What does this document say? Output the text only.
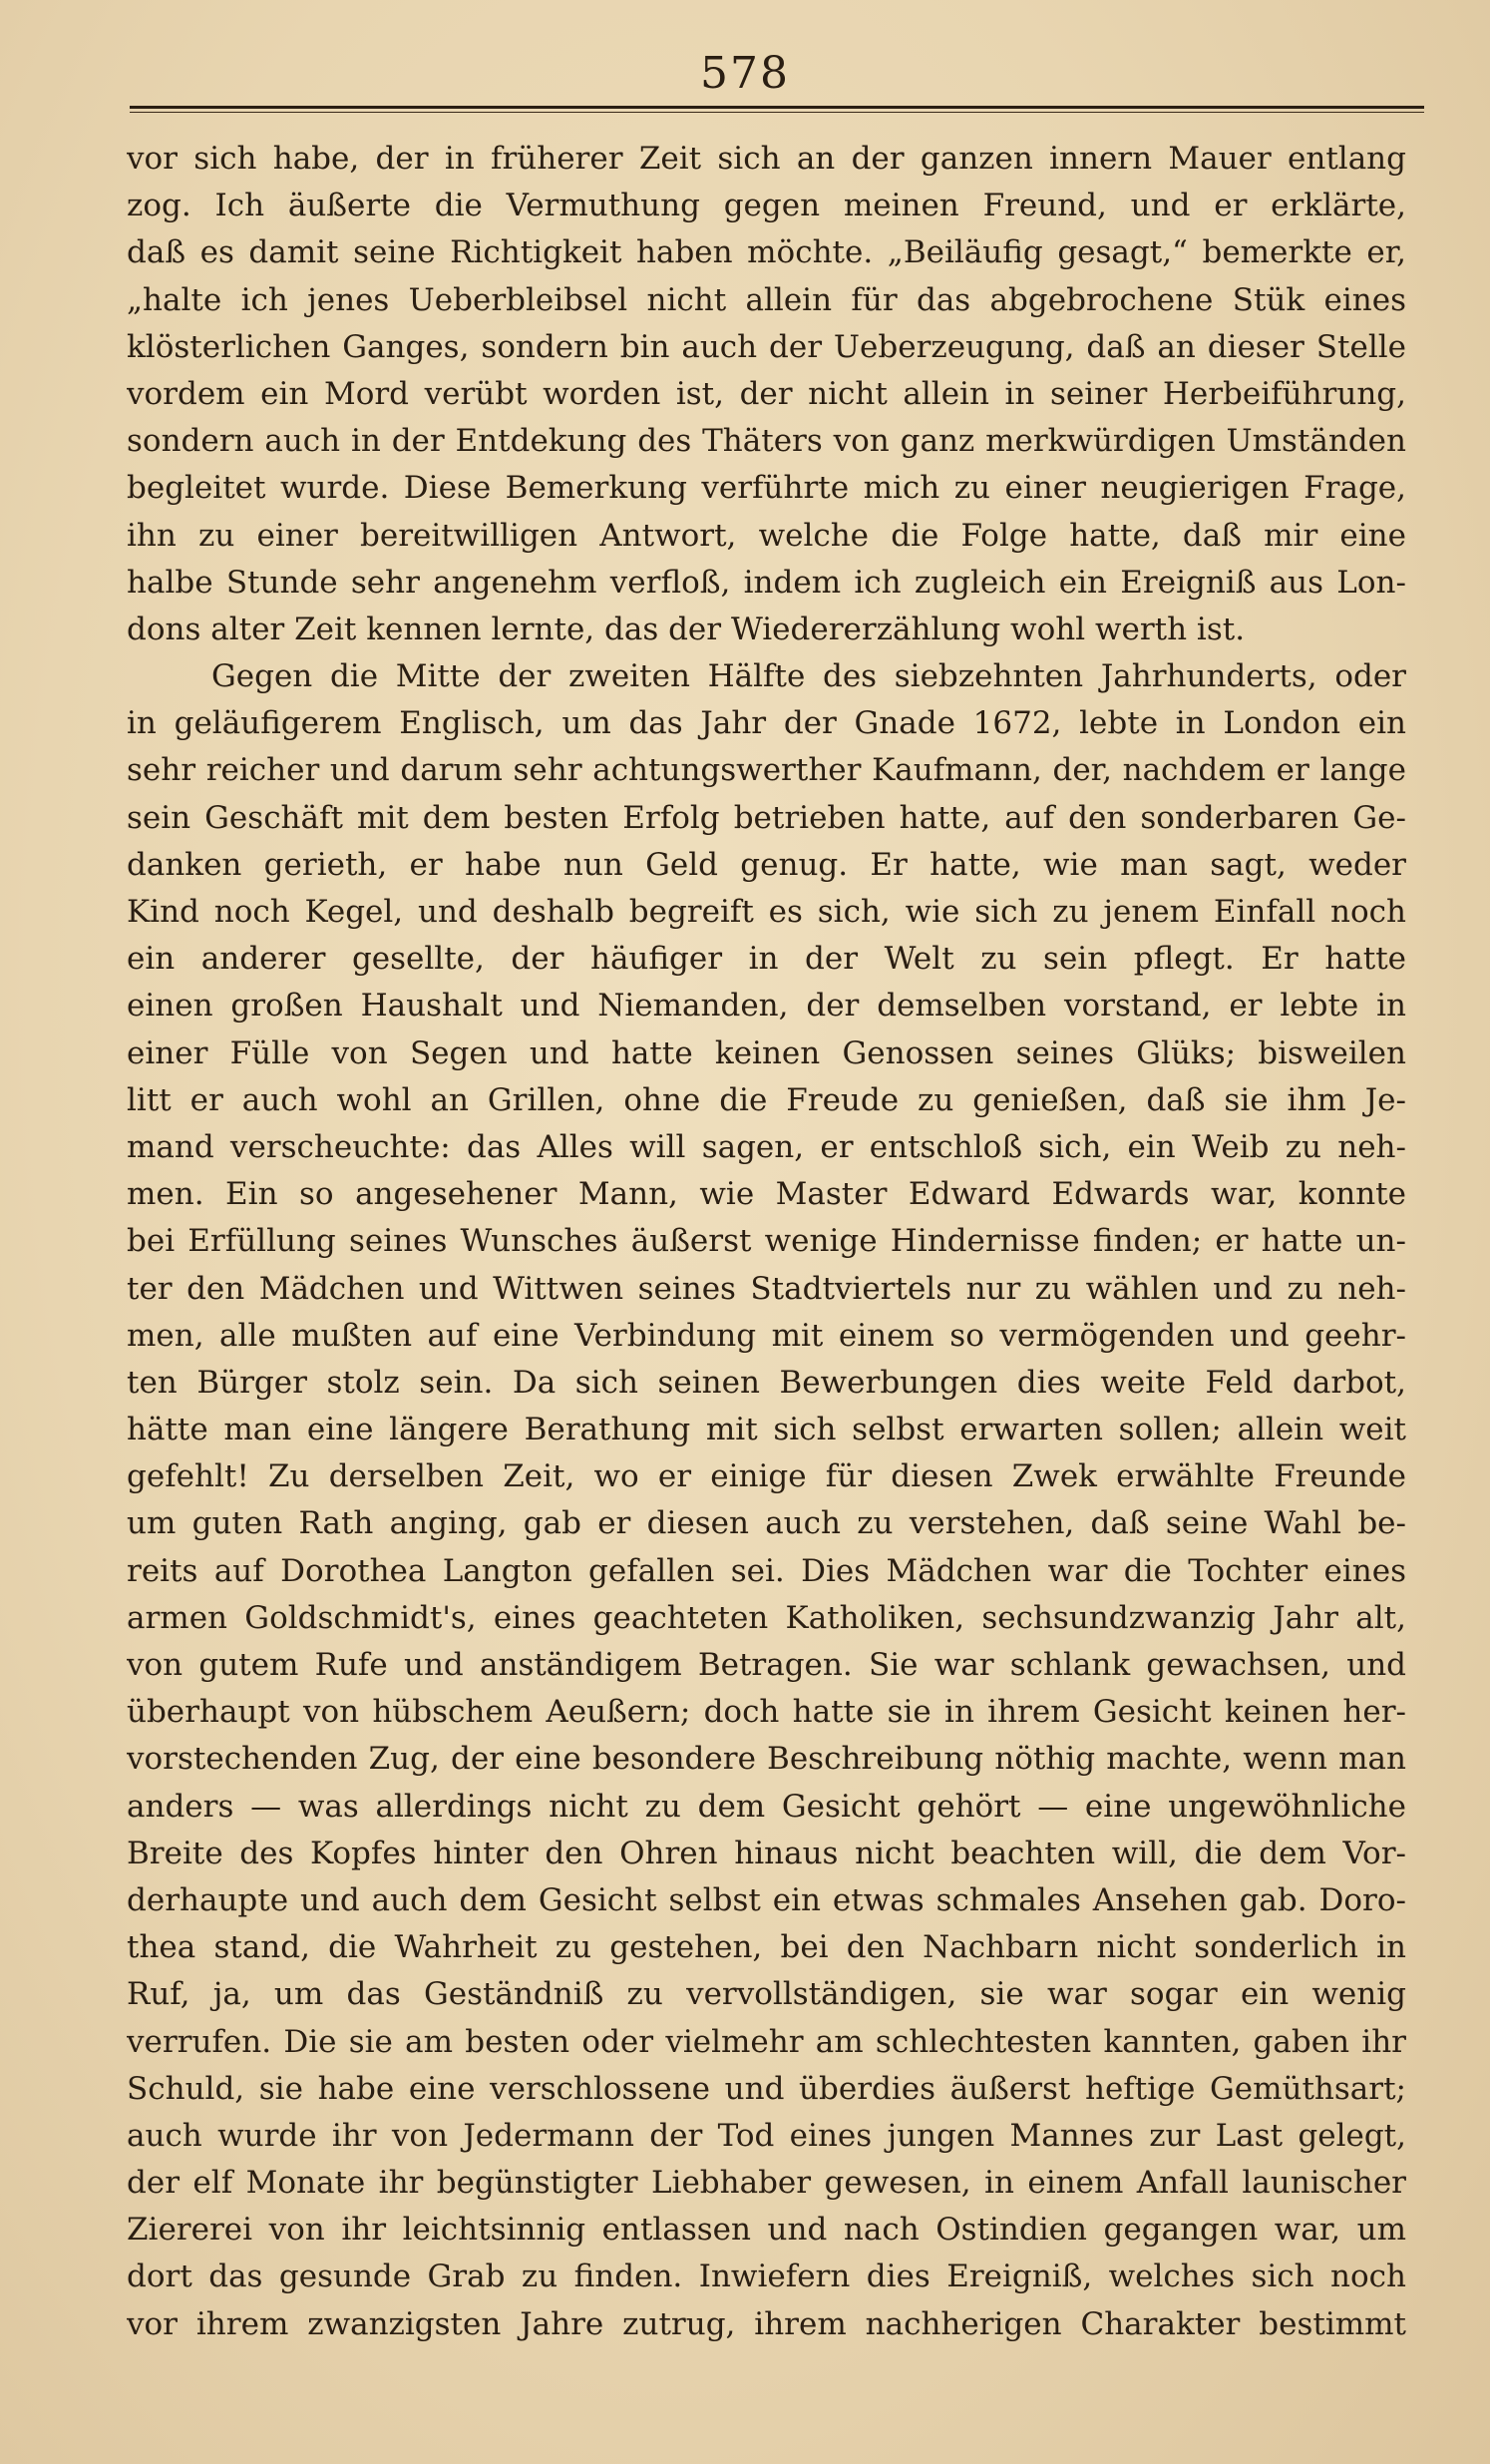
578
vor sich habe, der in früherer Zeit sich an der ganzen innern Mauer entlang
zog. Ich äußerte die Vermuthung gegen meinen Freund, und er erklärte,
daß es damit seine Richtigkeit haben möchte. „Beiläufig gesagt,“ bemerkte er,
„halte ich jenes Ueberbleibsel nicht allein für das abgebrochene Stük eines
klösterlichen Ganges, sondern bin auch der Ueberzeugung, daß an dieser Stelle
vordem ein Mord verübt worden ist, der nicht allein in seiner Herbeiführung,
sondern auch in der Entdekung des Thäters von ganz merkwürdigen Umständen
begleitet wurde. Diese Bemerkung verführte mich zu einer neugierigen Frage,
ihn zu einer bereitwilligen Antwort, welche die Folge hatte, daß mir eine
halbe Stunde sehr angenehm verfloß, indem ich zugleich ein Ereigniß aus Lon-
dons alter Zeit kennen lernte, das der Wiedererzählung wohl werth ist.
Gegen die Mitte der zweiten Hälfte des siebzehnten Jahrhunderts, oder
in geläufigerem Englisch, um das Jahr der Gnade 1672, lebte in London ein
sehr reicher und darum sehr achtungswerther Kaufmann, der, nachdem er lange
sein Geschäft mit dem besten Erfolg betrieben hatte, auf den sonderbaren Ge-
danken gerieth, er habe nun Geld genug. Er hatte, wie man sagt, weder
Kind noch Kegel, und deshalb begreift es sich, wie sich zu jenem Einfall noch
ein anderer gesellte, der häufiger in der Welt zu sein pflegt. Er hatte
einen großen Haushalt und Niemanden, der demselben vorstand, er lebte in
einer Fülle von Segen und hatte keinen Genossen seines Glüks; bisweilen
litt er auch wohl an Grillen, ohne die Freude zu genießen, daß sie ihm Je-
mand verscheuchte: das Alles will sagen, er entschloß sich, ein Weib zu neh-
men. Ein so angesehener Mann, wie Master Edward Edwards war, konnte
bei Erfüllung seines Wunsches äußerst wenige Hindernisse finden; er hatte un-
ter den Mädchen und Wittwen seines Stadtviertels nur zu wählen und zu neh-
men, alle mußten auf eine Verbindung mit einem so vermögenden und geehr-
ten Bürger stolz sein. Da sich seinen Bewerbungen dies weite Feld darbot,
hätte man eine längere Berathung mit sich selbst erwarten sollen; allein weit
gefehlt! Zu derselben Zeit, wo er einige für diesen Zwek erwählte Freunde
um guten Rath anging, gab er diesen auch zu verstehen, daß seine Wahl be-
reits auf Dorothea Langton gefallen sei. Dies Mädchen war die Tochter eines
armen Goldschmidt's, eines geachteten Katholiken, sechsundzwanzig Jahr alt,
von gutem Rufe und anständigem Betragen. Sie war schlank gewachsen, und
überhaupt von hübschem Aeußern; doch hatte sie in ihrem Gesicht keinen her-
vorstechenden Zug, der eine besondere Beschreibung nöthig machte, wenn man
anders — was allerdings nicht zu dem Gesicht gehört — eine ungewöhnliche
Breite des Kopfes hinter den Ohren hinaus nicht beachten will, die dem Vor-
derhaupte und auch dem Gesicht selbst ein etwas schmales Ansehen gab. Doro-
thea stand, die Wahrheit zu gestehen, bei den Nachbarn nicht sonderlich in
Ruf, ja, um das Geständniß zu vervollständigen, sie war sogar ein wenig
verrufen. Die sie am besten oder vielmehr am schlechtesten kannten, gaben ihr
Schuld, sie habe eine verschlossene und überdies äußerst heftige Gemüthsart;
auch wurde ihr von Jedermann der Tod eines jungen Mannes zur Last gelegt,
der elf Monate ihr begünstigter Liebhaber gewesen, in einem Anfall launischer
Ziererei von ihr leichtsinnig entlassen und nach Ostindien gegangen war, um
dort das gesunde Grab zu finden. Inwiefern dies Ereigniß, welches sich noch
vor ihrem zwanzigsten Jahre zutrug, ihrem nachherigen Charakter bestimmt
